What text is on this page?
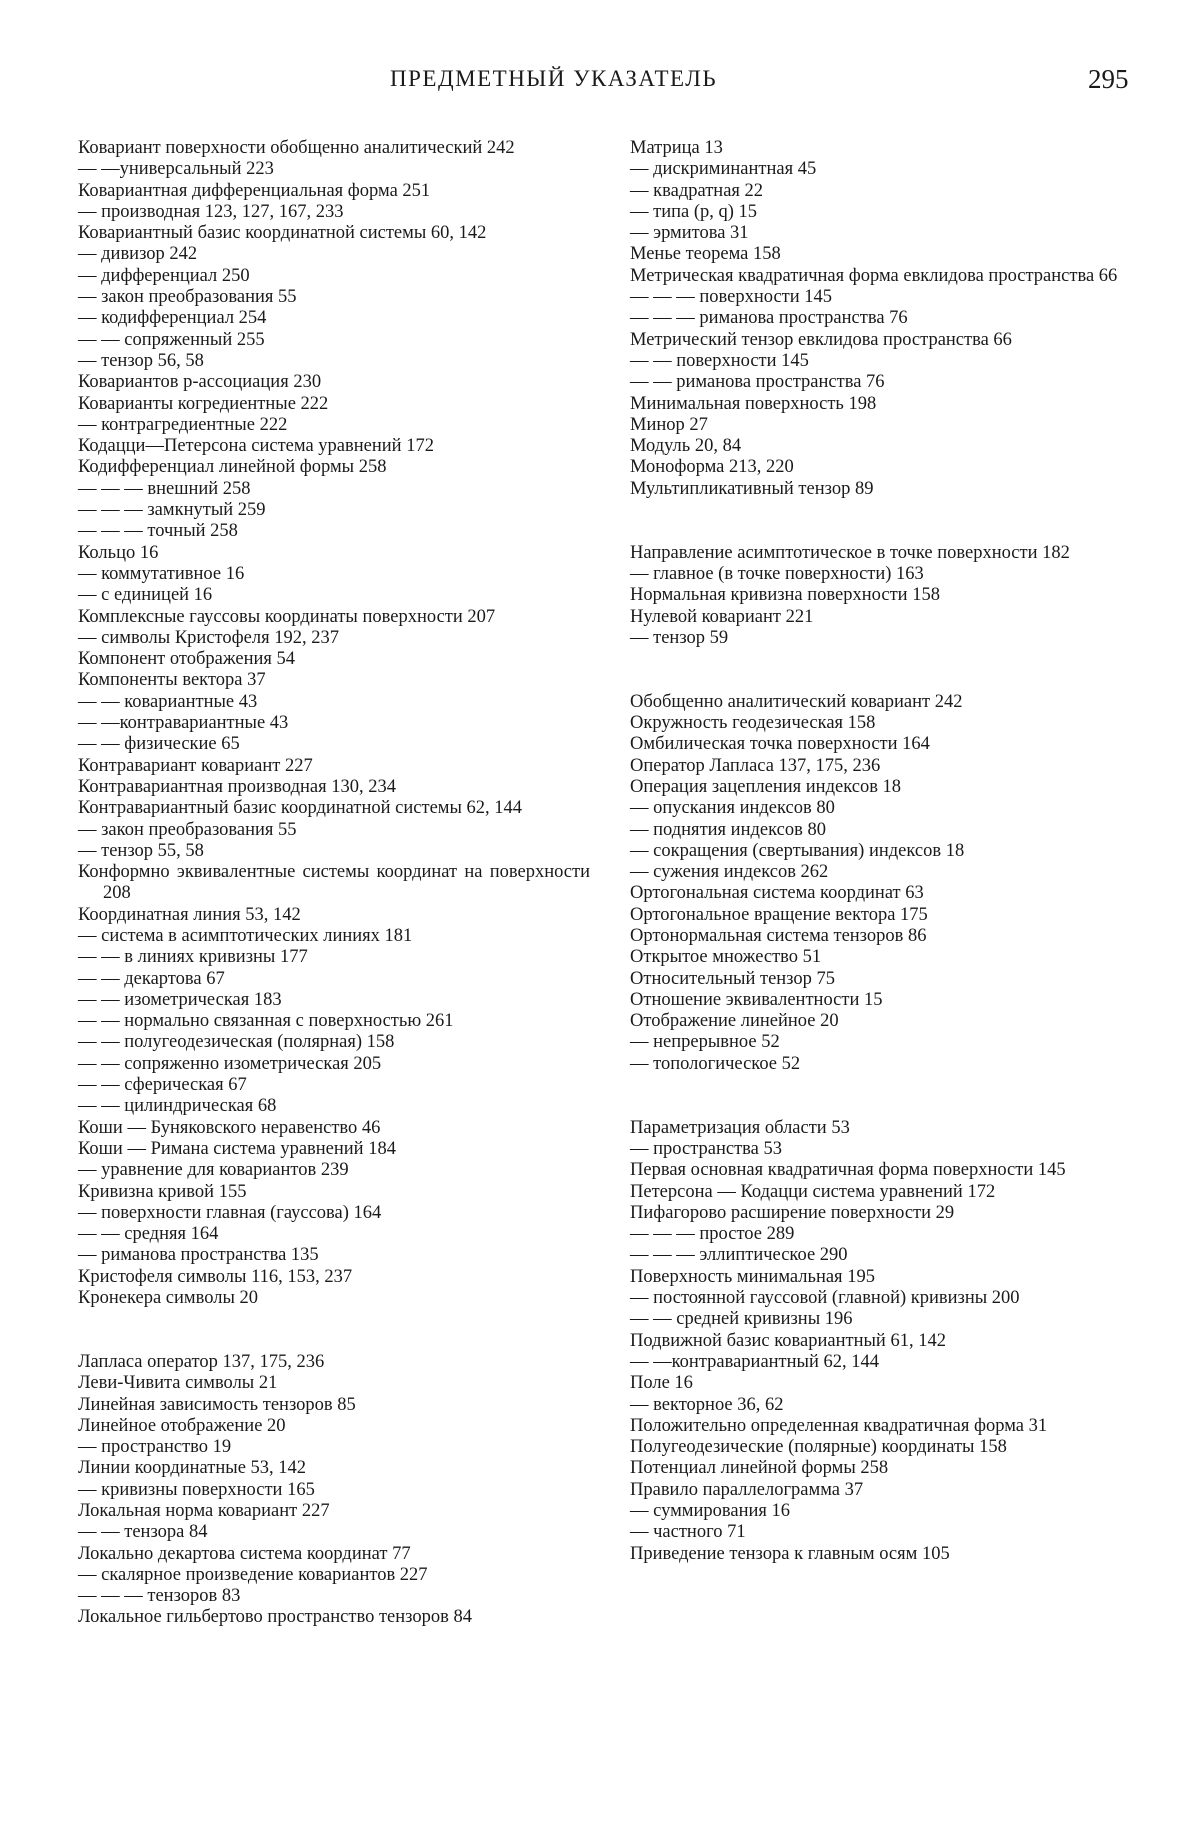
ПРЕДМЕТНЫЙ УКАЗАТЕЛЬ	295
Ковариант поверхности обобщенно аналитический 242
— —универсальный 223
Ковариантная дифференциальная форма 251
— производная 123, 127, 167, 233
Ковариантный базис координатной системы 60, 142
— дивизор 242
— дифференциал 250
— закон преобразования 55
— кодифференциал 254
— — сопряженный 255
— тензор 56, 58
Ковариантов р-ассоциация 230
Коварианты когредиентные 222
— контрагредиентные 222
Кодацци—Петерсона система уравнений 172
Кодифференциал линейной формы 258
— — — внешний 258
— — — замкнутый 259
— — — точный 258
Кольцо 16
— коммутативное 16
— с единицей 16
Комплексные гауссовы координаты поверхности 207
— символы Кристофеля 192, 237
Компонент отображения 54
Компоненты вектора 37
— — ковариантные 43
— —контравариантные 43
— — физические 65
Контравариант ковариант 227
Контравариантная производная 130, 234
Контравариантный базис координатной системы 62, 144
— закон преобразования 55
— тензор 55, 58
Конформно эквивалентные системы координат на поверхности 208
Координатная линия 53, 142
— система в асимптотических линиях 181
— — в линиях кривизны 177
— — декартова 67
— — изометрическая 183
— — нормально связанная с поверхностью 261
— — полугеодезическая (полярная) 158
— — сопряженно изометрическая 205
— — сферическая 67
— — цилиндрическая 68
Коши — Буняковского неравенство 46
Коши — Римана система уравнений 184
— уравнение для ковариантов 239
Кривизна кривой 155
— поверхности главная (гауссова) 164
— — средняя 164
— риманова пространства 135
Кристофеля символы 116, 153, 237
Кронекера символы 20
Лапласа оператор 137, 175, 236
Леви-Чивита символы 21
Линейная зависимость тензоров 85
Линейное отображение 20
— пространство 19
Линии координатные 53, 142
— кривизны поверхности 165
Локальная норма ковариант 227
— — тензора 84
Локально декартова система координат 77
— скалярное произведение ковариантов 227
— — — тензоров 83
Локальное гильбертово пространство тензоров 84
Матрица 13
— дискриминантная 45
— квадратная 22
— типа (p, q) 15
— эрмитова 31
Менье теорема 158
Метрическая квадратичная форма евклидова пространства 66
— — — поверхности 145
— — — риманова пространства 76
Метрический тензор евклидова пространства 66
— — поверхности 145
— — риманова пространства 76
Минимальная поверхность 198
Минор 27
Модуль 20, 84
Моноформа 213, 220
Мультипликативный тензор 89
Направление асимптотическое в точке поверхности 182
— главное (в точке поверхности) 163
Нормальная кривизна поверхности 158
Нулевой ковариант 221
— тензор 59
Обобщенно аналитический ковариант 242
Окружность геодезическая 158
Омбилическая точка поверхности 164
Оператор Лапласа 137, 175, 236
Операция зацепления индексов 18
— опускания индексов 80
— поднятия индексов 80
— сокращения (свертывания) индексов 18
— сужения индексов 262
Ортогональная система координат 63
Ортогональное вращение вектора 175
Ортонормальная система тензоров 86
Открытое множество 51
Относительный тензор 75
Отношение эквивалентности 15
Отображение линейное 20
— непрерывное 52
— топологическое 52
Параметризация области 53
— пространства 53
Первая основная квадратичная форма поверхности 145
Петерсона — Кодацци система уравнений 172
Пифагорово расширение поверхности 29
— — — простое 289
— — — эллиптическое 290
Поверхность минимальная 195
— постоянной гауссовой (главной) кривизны 200
— — средней кривизны 196
Подвижной базис ковариантный 61, 142
— —контравариантный 62, 144
Поле 16
— векторное 36, 62
Положительно определенная квадратичная форма 31
Полугеодезические (полярные) координаты 158
Потенциал линейной формы 258
Правило параллелограмма 37
— суммирования 16
— частного 71
Приведение тензора к главным осям 105
